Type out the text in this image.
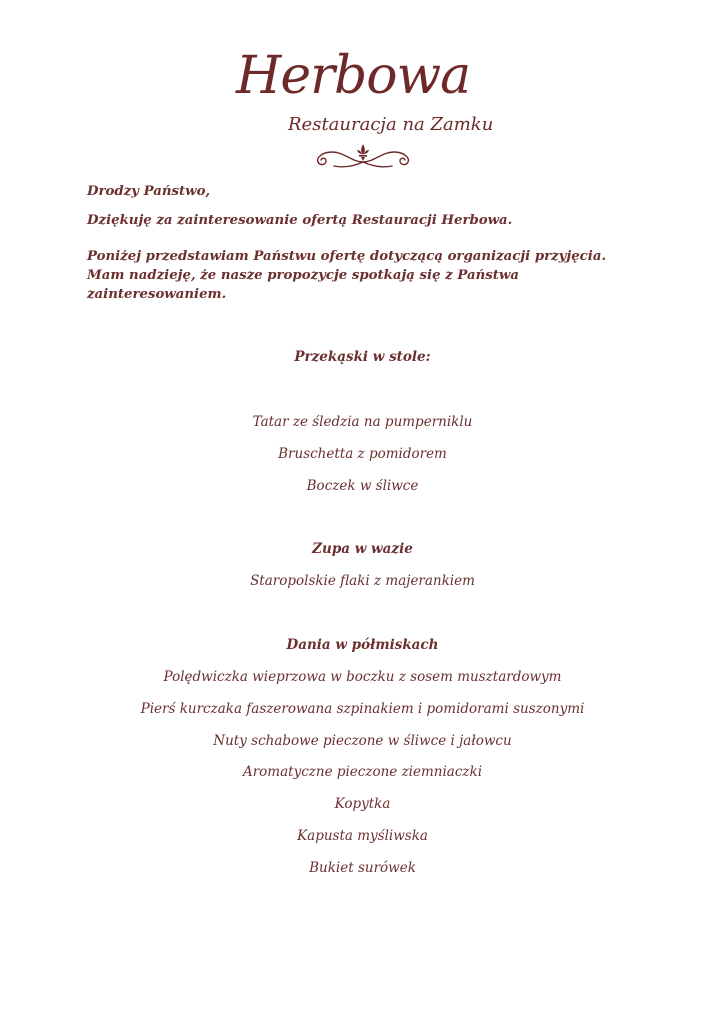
Herbowa
Restauracja na Zamku
Drodzy Państwo,
Dziękuję za zainteresowanie ofertą Restauracji Herbowa.
Poniżej przedstawiam Państwu ofertę dotyczącą organizacji przyjęcia. Mam nadzieję, że nasze propozycje spotkają się z Państwa zainteresowaniem.
Przekąski w stole:
Tatar ze śledzia na pumperniklu
Bruschetta z pomidorem
Boczek w śliwce
Zupa w wazie
Staropolskie flaki z majerankiem
Dania w półmiskach
Polędwiczka wieprzowa w boczku z sosem musztardowym
Pierś kurczaka faszerowana szpinakiem i pomidorami suszonymi
Nuty schabowe pieczone w śliwce i jałowcu
Aromatyczne pieczone ziemniaczki
Kopytka
Kapusta myśliwska
Bukiet surówek
